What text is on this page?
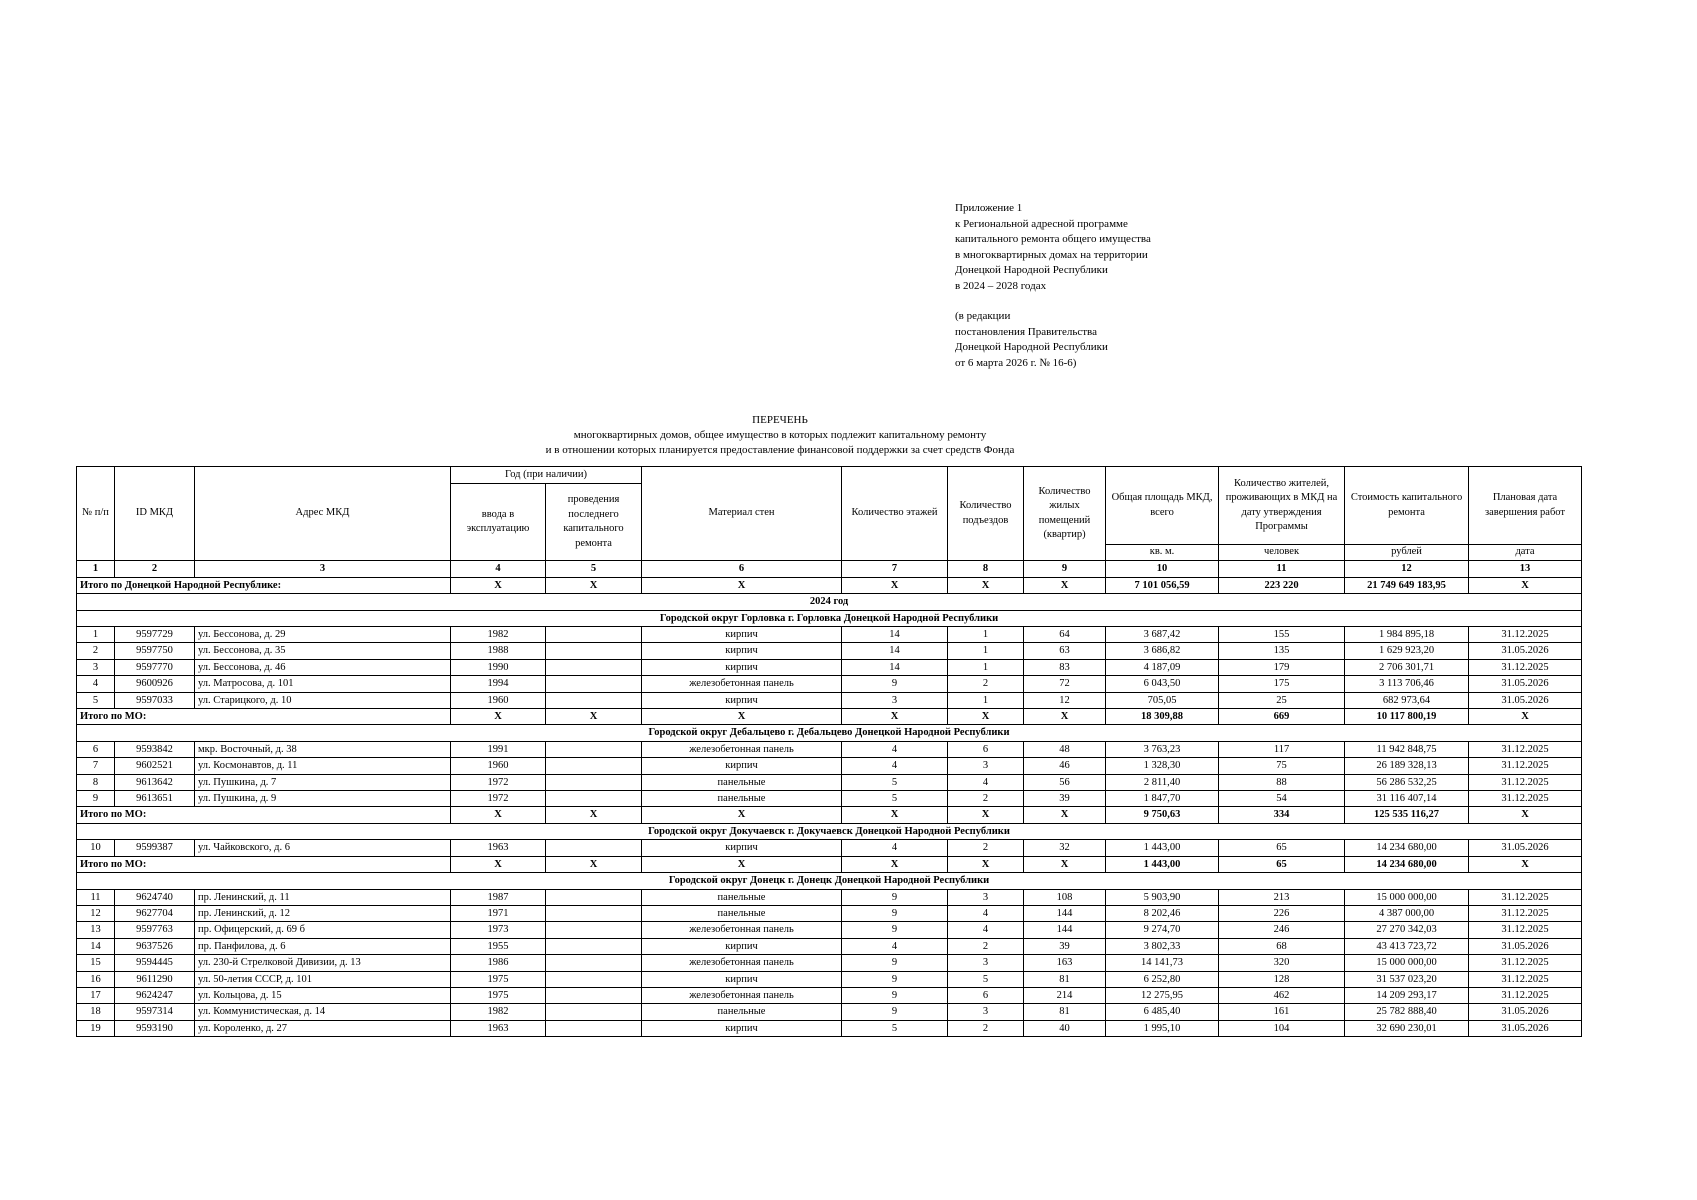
Приложение 1
к Региональной адресной программе
капитального ремонта общего имущества
в многоквартирных домах на территории
Донецкой Народной Республики
в 2024 – 2028 годах
(в редакции
постановления Правительства
Донецкой Народной Республики
от 6 марта 2026 г. № 16-6)
ПЕРЕЧЕНЬ
многоквартирных домов, общее имущество в которых подлежит капитальному ремонту
и в отношении которых планируется предоставление финансовой поддержки за счет средств Фонда
№ п/п	ID МКД	Адрес МКД	Год (при наличии)		Материал стен	Количество этажей	Количество подъездов	Количество жилых помещений (квартир)	Общая площадь МКД, всего	Количество жителей, проживающих в МКД на дату утверждения Программы	Стоимость капитального ремонта	Плановая дата завершения работ
			ввода в эксплуатацию	проведения последнего капитального ремонта								
									кв. м.	человек	рублей	дата
1	2	3	4	5	6	7	8	9	10	11	12	13
Итого по Донецкой Народной Республике:			X	X	X	X	X	X	7 101 056,59	223 220	21 749 649 183,95	X
2024 год												
Городской округ Горловка г. Горловка Донецкой Народной Республики												
1	9597729	ул. Бессонова, д. 29	1982		кирпич	14	1	64	3 687,42	155	1 984 895,18	31.12.2025
2	9597750	ул. Бессонова, д. 35	1988		кирпич	14	1	63	3 686,82	135	1 629 923,20	31.05.2026
3	9597770	ул. Бессонова, д. 46	1990		кирпич	14	1	83	4 187,09	179	2 706 301,71	31.12.2025
4	9600926	ул. Матросова, д. 101	1994		железобетонная панель	9	2	72	6 043,50	175	3 113 706,46	31.05.2026
5	9597033	ул. Старицкого, д. 10	1960		кирпич	3	1	12	705,05	25	682 973,64	31.05.2026
Итого по МО:			X	X	X	X	X	X	18 309,88	669	10 117 800,19	X
Городской округ Дебальцево г. Дебальцево Донецкой Народной Республики												
6	9593842	мкр. Восточный, д. 38	1991		железобетонная панель	4	6	48	3 763,23	117	11 942 848,75	31.12.2025
7	9602521	ул. Космонавтов, д. 11	1960		кирпич	4	3	46	1 328,30	75	26 189 328,13	31.12.2025
8	9613642	ул. Пушкина, д. 7	1972		панельные	5	4	56	2 811,40	88	56 286 532,25	31.12.2025
9	9613651	ул. Пушкина, д. 9	1972		панельные	5	2	39	1 847,70	54	31 116 407,14	31.12.2025
Итого по МО:			X	X	X	X	X	X	9 750,63	334	125 535 116,27	X
Городской округ Докучаевск г. Докучаевск Донецкой Народной Республики												
10	9599387	ул. Чайковского, д. 6	1963		кирпич	4	2	32	1 443,00	65	14 234 680,00	31.05.2026
Итого по МО:			X	X	X	X	X	X	1 443,00	65	14 234 680,00	X
Городской округ Донецк г. Донецк Донецкой Народной Республики												
11	9624740	пр. Ленинский, д. 11	1987		панельные	9	3	108	5 903,90	213	15 000 000,00	31.12.2025
12	9627704	пр. Ленинский, д. 12	1971		панельные	9	4	144	8 202,46	226	4 387 000,00	31.12.2025
13	9597763	пр. Офицерский, д. 69 б	1973		железобетонная панель	9	4	144	9 274,70	246	27 270 342,03	31.12.2025
14	9637526	пр. Панфилова, д. 6	1955		кирпич	4	2	39	3 802,33	68	43 413 723,72	31.05.2026
15	9594445	ул. 230-й Стрелковой Дивизии, д. 13	1986		железобетонная панель	9	3	163	14 141,73	320	15 000 000,00	31.12.2025
16	9611290	ул. 50-летия СССР, д. 101	1975		кирпич	9	5	81	6 252,80	128	31 537 023,20	31.12.2025
17	9624247	ул. Кольцова, д. 15	1975		железобетонная панель	9	6	214	12 275,95	462	14 209 293,17	31.12.2025
18	9597314	ул. Коммунистическая, д. 14	1982		панельные	9	3	81	6 485,40	161	25 782 888,40	31.05.2026
19	9593190	ул. Короленко, д. 27	1963		кирпич	5	2	40	1 995,10	104	32 690 230,01	31.05.2026
